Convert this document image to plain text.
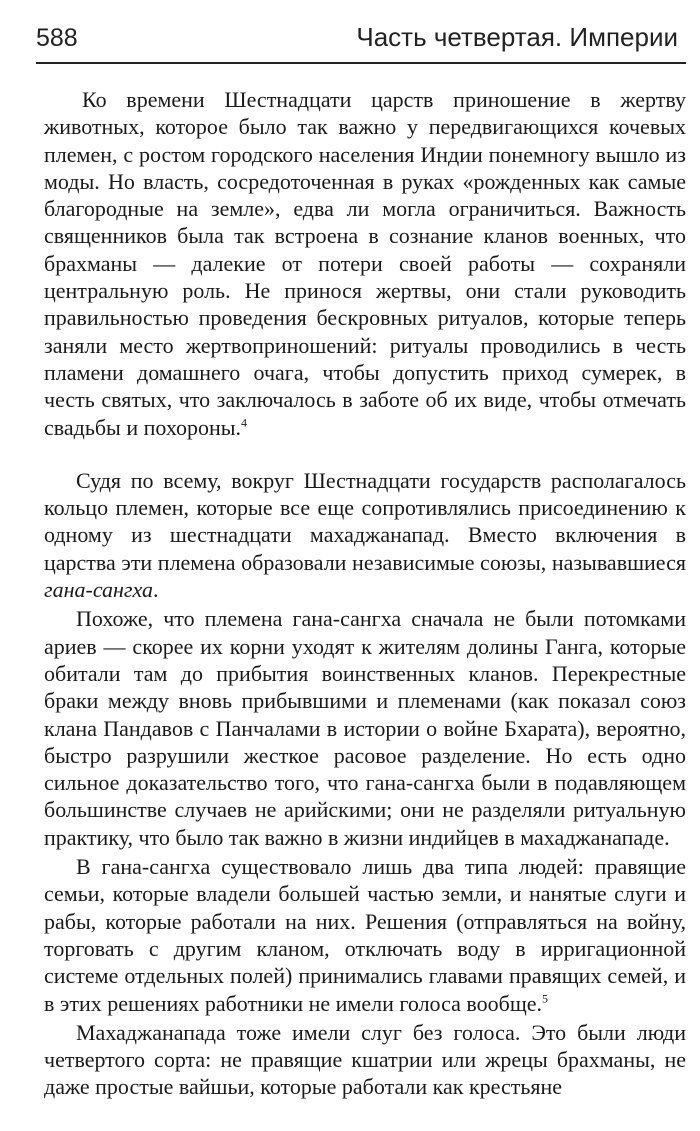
588	Часть четвертая. Империи

Ко времени Шестнадцати царств приношение в жертву животных, которое было так важно у передвигающихся кочевых племен, с ростом городского населения Индии понемногу вышло из моды. Но власть, сосредоточенная в руках «рожденных как самые благородные на земле», едва ли могла ограничиться. Важность священников была так встроена в сознание кланов военных, что брахманы — далекие от потери своей работы — сохраняли центральную роль. Не принося жертвы, они стали руководить правильностью проведения бескровных ритуалов, которые теперь заняли место жертвоприношений: ритуалы проводились в честь пламени домашнего очага, чтобы допустить приход сумерек, в честь святых, что заключалось в заботе об их виде, чтобы отмечать свадьбы и похороны.$^4$

Судя по всему, вокруг Шестнадцати государств располагалось кольцо племен, которые все еще сопротивлялись присоединению к одному из шестнадцати махаджанапад. Вместо включения в царства эти племена образовали независимые союзы, называвшиеся гана-сангха.

Похоже, что племена гана-сангха сначала не были потомками ариев — скорее их корни уходят к жителям долины Ганга, которые обитали там до прибытия воинственных кланов. Перекрестные браки между вновь прибывшими и племенами (как показал союз клана Пандавов с Панчалами в истории о войне Бхарата), вероятно, быстро разрушили жесткое расовое разделение. Но есть одно сильное доказательство того, что гана-сангха были в подавляющем большинстве случаев не арийскими; они не разделяли ритуальную практику, что было так важно в жизни индийцев в махаджанападе.

В гана-сангха существовало лишь два типа людей: правящие семьи, которые владели большей частью земли, и нанятые слуги и рабы, которые работали на них. Решения (отправляться на войну, торговать с другим кланом, отключать воду в ирригационной системе отдельных полей) принимались главами правящих семей, и в этих решениях работники не имели голоса вообще.$^5$

Махаджанапада тоже имели слуг без голоса. Это были люди четвертого сорта: не правящие кшатрии или жрецы брахманы, не даже простые вайшьи, которые работали как крестьяне
